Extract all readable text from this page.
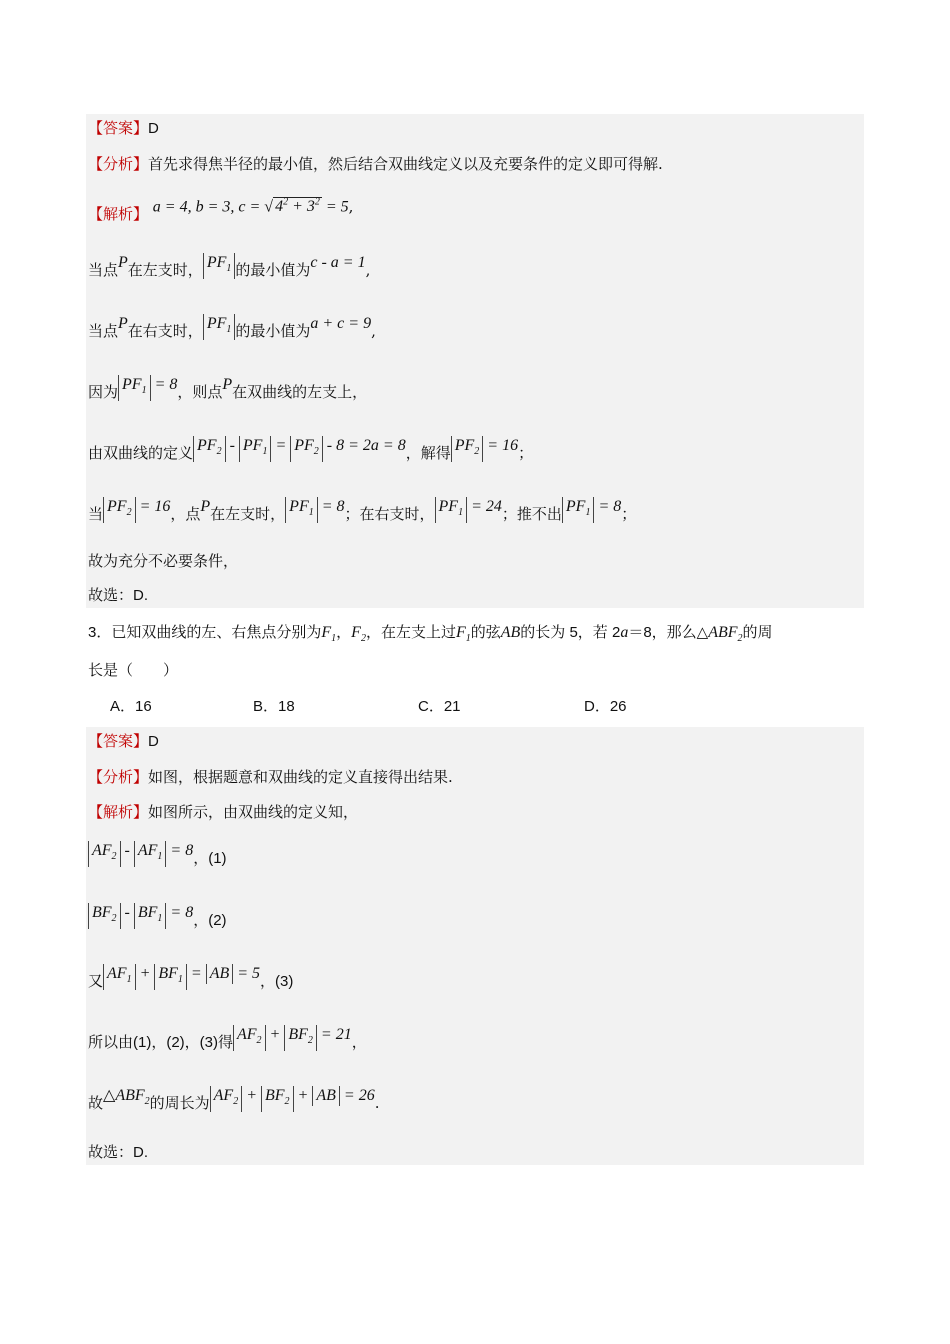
【答案】D
【分析】首先求得焦半径的最小值，然后结合双曲线定义以及充要条件的定义即可得解.
【解析】 a = 4, b = 3, c = √ $4^2 + 3^2 = 5$,
当点P在左支时， $PF_1$ 的最小值为c - a = 1,
当点P在右支时， $PF_1$ 的最小值为a + c = 9,
因为 $PF_1 = 8$，则点P在双曲线的左支上，
由双曲线的定义 $PF_2 - PF_1 = PF_2 - 8 = 2a = 8$，解得 $PF_2 = 16$；
当 $PF_2 = 16$，点P在左支时， $PF_1 = 8$；在右支时， $PF_1 = 24$；推不出 $PF_1 = 8$；
故为充分不必要条件，
故选：D.
3．已知双曲线的左、右焦点分别为$F_1$，$F_2$，在左支上过$F_1$的弦AB的长为 5，若 2a＝8，那么$\triangle ABF_2$的周
长是（　　）
A．16	B．18	C．21	D．26
【答案】D
【分析】如图，根据题意和双曲线的定义直接得出结果.
【解析】如图所示，由双曲线的定义知，
$AF_2 - AF_1 = 8$，(1)
$BF_2 - BF_1 = 8$，(2)
又 $AF_1 + BF_1$ = AB = 5，(3)
所以由(1)，(2)，(3)得 $AF_2 + BF_2 = 21$，
故$\triangle ABF_2$的周长为 $AF_2 + BF_2$ + AB = 26.
故选：D.
